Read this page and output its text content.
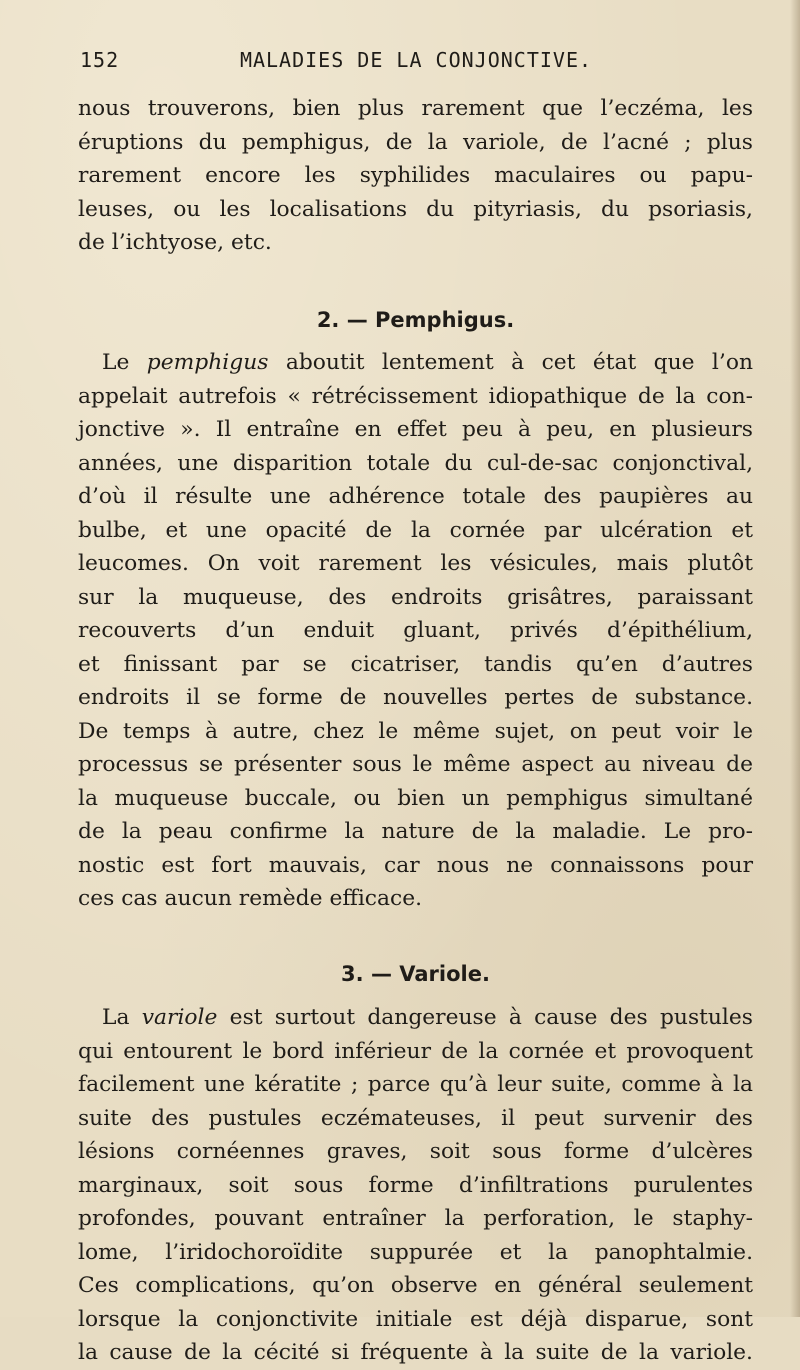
152	MALADIES DE LA CONJONCTIVE.

nous trouverons, bien plus rarement que l’eczéma, les
éruptions du pemphigus, de la variole, de l’acné ; plus
rarement encore les syphilides maculaires ou papu-
leuses, ou les localisations du pityriasis, du psoriasis,
de l’ichtyose, etc.

2. — Pemphigus.

Le pemphigus aboutit lentement à cet état que l’on
appelait autrefois « rétrécissement idiopathique de la con-
jonctive ». Il entraîne en effet peu à peu, en plusieurs
années, une disparition totale du cul-de-sac conjonctival,
d’où il résulte une adhérence totale des paupières au
bulbe, et une opacité de la cornée par ulcération et
leucomes. On voit rarement les vésicules, mais plutôt
sur la muqueuse, des endroits grisâtres, paraissant
recouverts d’un enduit gluant, privés d’épithélium,
et finissant par se cicatriser, tandis qu’en d’autres
endroits il se forme de nouvelles pertes de substance.
De temps à autre, chez le même sujet, on peut voir le
processus se présenter sous le même aspect au niveau de
la muqueuse buccale, ou bien un pemphigus simultané
de la peau confirme la nature de la maladie. Le pro-
nostic est fort mauvais, car nous ne connaissons pour
ces cas aucun remède efficace.

3. — Variole.

La variole est surtout dangereuse à cause des pustules
qui entourent le bord inférieur de la cornée et provoquent
facilement une kératite ; parce qu’à leur suite, comme à la
suite des pustules eczémateuses, il peut survenir des
lésions cornéennes graves, soit sous forme d’ulcères
marginaux, soit sous forme d’infiltrations purulentes
profondes, pouvant entraîner la perforation, le staphy-
lome, l’iridochoroïdite suppurée et la panophtalmie.
Ces complications, qu’on observe en général seulement
lorsque la conjonctivite initiale est déjà disparue, sont
la cause de la cécité si fréquente à la suite de la variole.
